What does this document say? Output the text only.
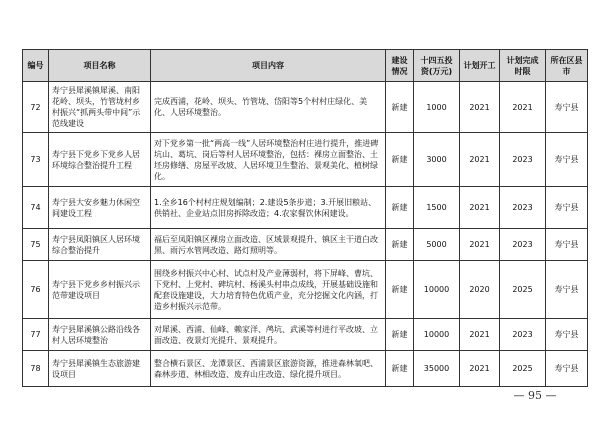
编号	项目名称	项目内容	建设情况	十四五投资(万元)	计划开工	计划完成时限	所在区县市
72	寿宁县犀溪镇犀溪、南阳花岭、坝头，竹管垅村乡村振兴“抓两头带中间”示范线建设	完成西浦，花岭、坝头、竹管垅、岱阳等5个村村庄绿化、美化、人居环境整治。	新建	1000	2021	2021	寿宁县
73	寿宁县下党乡下党乡人居环境综合整治提升工程	对下党乡第一批“两高一线”人居环境整治村庄进行提升，推进碑坑山、葛坑、岗后等村人居环境整治，包括：裸房立面整治、土坯房修缮、房屋平改坡、人居环境卫生整治、景观美化、植树绿化。	新建	3000	2021	2023	寿宁县
74	寿宁县大安乡魅力休闲空间建设工程	1.全乡16个村村庄规划编制；2.建设5条步道；3.开展旧粮站、供销社、企业站点旧房拆除改造；4.农家餐饮休闲建设。	新建	1500	2021	2023	寿宁县
75	寿宁县凤阳镇区人居环境综合整治提升	福后至凤阳镇区裸房立面改造、区域景观提升、镇区主干道白改黑、雨污水管网改造、路灯照明等。	新建	5000	2021	2023	寿宁县
76	寿宁县下党乡乡村振兴示范带建设项目	围绕乡村振兴中心村、试点村及产业薄弱村，将下屏峰、曹坑、下党村、上党村、碑坑村、杨溪头村串点成线，开展基础设施和配套设施建设，大力培育特色优质产业，充分挖掘文化内涵，打造乡村振兴示范带。	新建	10000	2020	2025	寿宁县
77	寿宁县犀溪镇公路沿线各村人居环境整治	对犀溪、西浦、仙峰、赖家洋、鸬坑、武溪等村进行平改坡、立面改造、夜景灯光提升、景观提升。	新建	10000	2021	2023	寿宁县
78	寿宁县犀溪镇生态旅游建设项目	整合横石景区、龙潭景区、西浦景区旅游资源，推进森林氧吧、森林步道、林相改造、废弃山庄改造、绿化提升项目。	新建	35000	2021	2025	寿宁县
— 95 —
